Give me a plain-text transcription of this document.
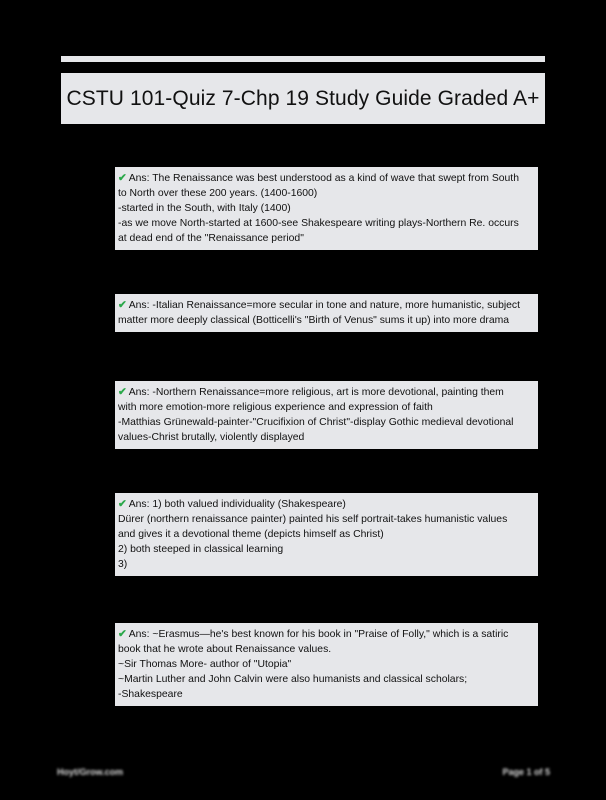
CSTU 101-Quiz 7-Chp 19 Study Guide Graded A+
✔ Ans: The Renaissance was best understood as a kind of wave that swept from South
to North over these 200 years. (1400-1600)
-started in the South, with Italy (1400)
-as we move North-started at 1600-see Shakespeare writing plays-Northern Re. occurs
at dead end of the "Renaissance period"
✔ Ans: -Italian Renaissance=more secular in tone and nature, more humanistic, subject
matter more deeply classical (Botticelli's "Birth of Venus" sums it up) into more drama
✔ Ans: -Northern Renaissance=more religious, art is more devotional, painting them
with more emotion-more religious experience and expression of faith
-Matthias Grünewald-painter-"Crucifixion of Christ"-display Gothic medieval devotional
values-Christ brutally, violently displayed
✔ Ans: 1) both valued individuality (Shakespeare)
Dürer (northern renaissance painter) painted his self portrait-takes humanistic values
and gives it a devotional theme (depicts himself as Christ)
2) both steeped in classical learning
3)
✔ Ans: ~Erasmus—he's best known for his book in "Praise of Folly," which is a satiric
book that he wrote about Renaissance values.
~Sir Thomas More- author of "Utopia"
~Martin Luther and John Calvin were also humanists and classical scholars;
-Shakespeare
Hoyt/Grow.com	Page 1 of 5
